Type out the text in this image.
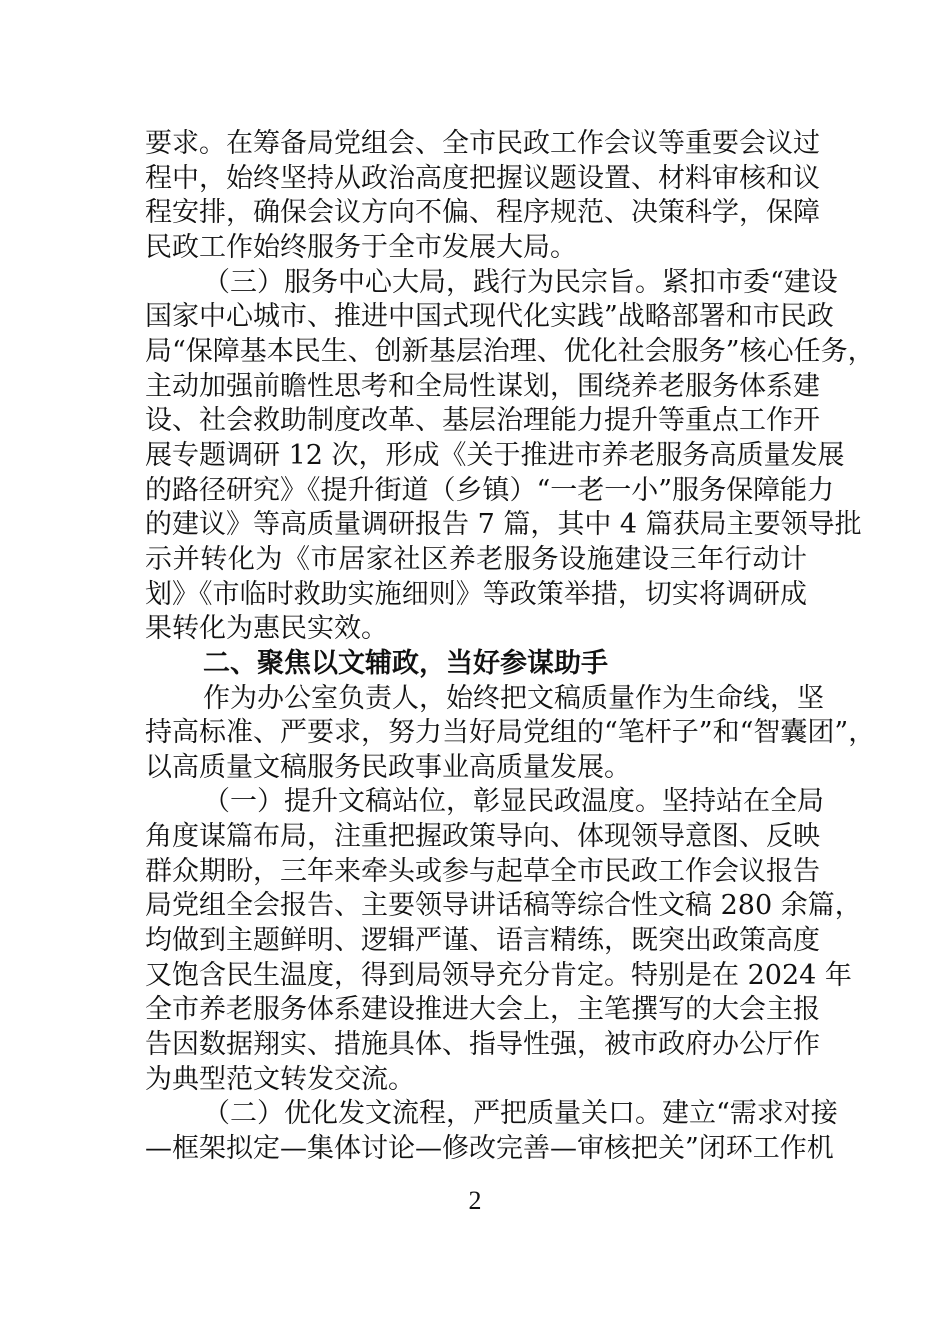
要求。在筹备局党组会、全市民政工作会议等重要会议过
程中，始终坚持从政治高度把握议题设置、材料审核和议
程安排，确保会议方向不偏、程序规范、决策科学，保障
民政工作始终服务于全市发展大局。
（三）服务中心大局，践行为民宗旨。紧扣市委“建设
国家中心城市、推进中国式现代化实践”战略部署和市民政
局“保障基本民生、创新基层治理、优化社会服务”核心任务，
主动加强前瞻性思考和全局性谋划，围绕养老服务体系建
设、社会救助制度改革、基层治理能力提升等重点工作开
展专题调研 12 次，形成《关于推进市养老服务高质量发展
的路径研究》《提升街道（乡镇）“一老一小”服务保障能力
的建议》等高质量调研报告 7 篇，其中 4 篇获局主要领导批
示并转化为《市居家社区养老服务设施建设三年行动计
划》《市临时救助实施细则》等政策举措，切实将调研成
果转化为惠民实效。
二、聚焦以文辅政，当好参谋助手
作为办公室负责人，始终把文稿质量作为生命线，坚
持高标准、严要求，努力当好局党组的“笔杆子”和“智囊团”，
以高质量文稿服务民政事业高质量发展。
（一）提升文稿站位，彰显民政温度。坚持站在全局
角度谋篇布局，注重把握政策导向、体现领导意图、反映
群众期盼，三年来牵头或参与起草全市民政工作会议报告
局党组全会报告、主要领导讲话稿等综合性文稿 280 余篇，
均做到主题鲜明、逻辑严谨、语言精练，既突出政策高度
又饱含民生温度，得到局领导充分肯定。特别是在 2024 年
全市养老服务体系建设推进大会上，主笔撰写的大会主报
告因数据翔实、措施具体、指导性强，被市政府办公厅作
为典型范文转发交流。
（二）优化发文流程，严把质量关口。建立“需求对接
—框架拟定—集体讨论—修改完善—审核把关”闭环工作机
2
